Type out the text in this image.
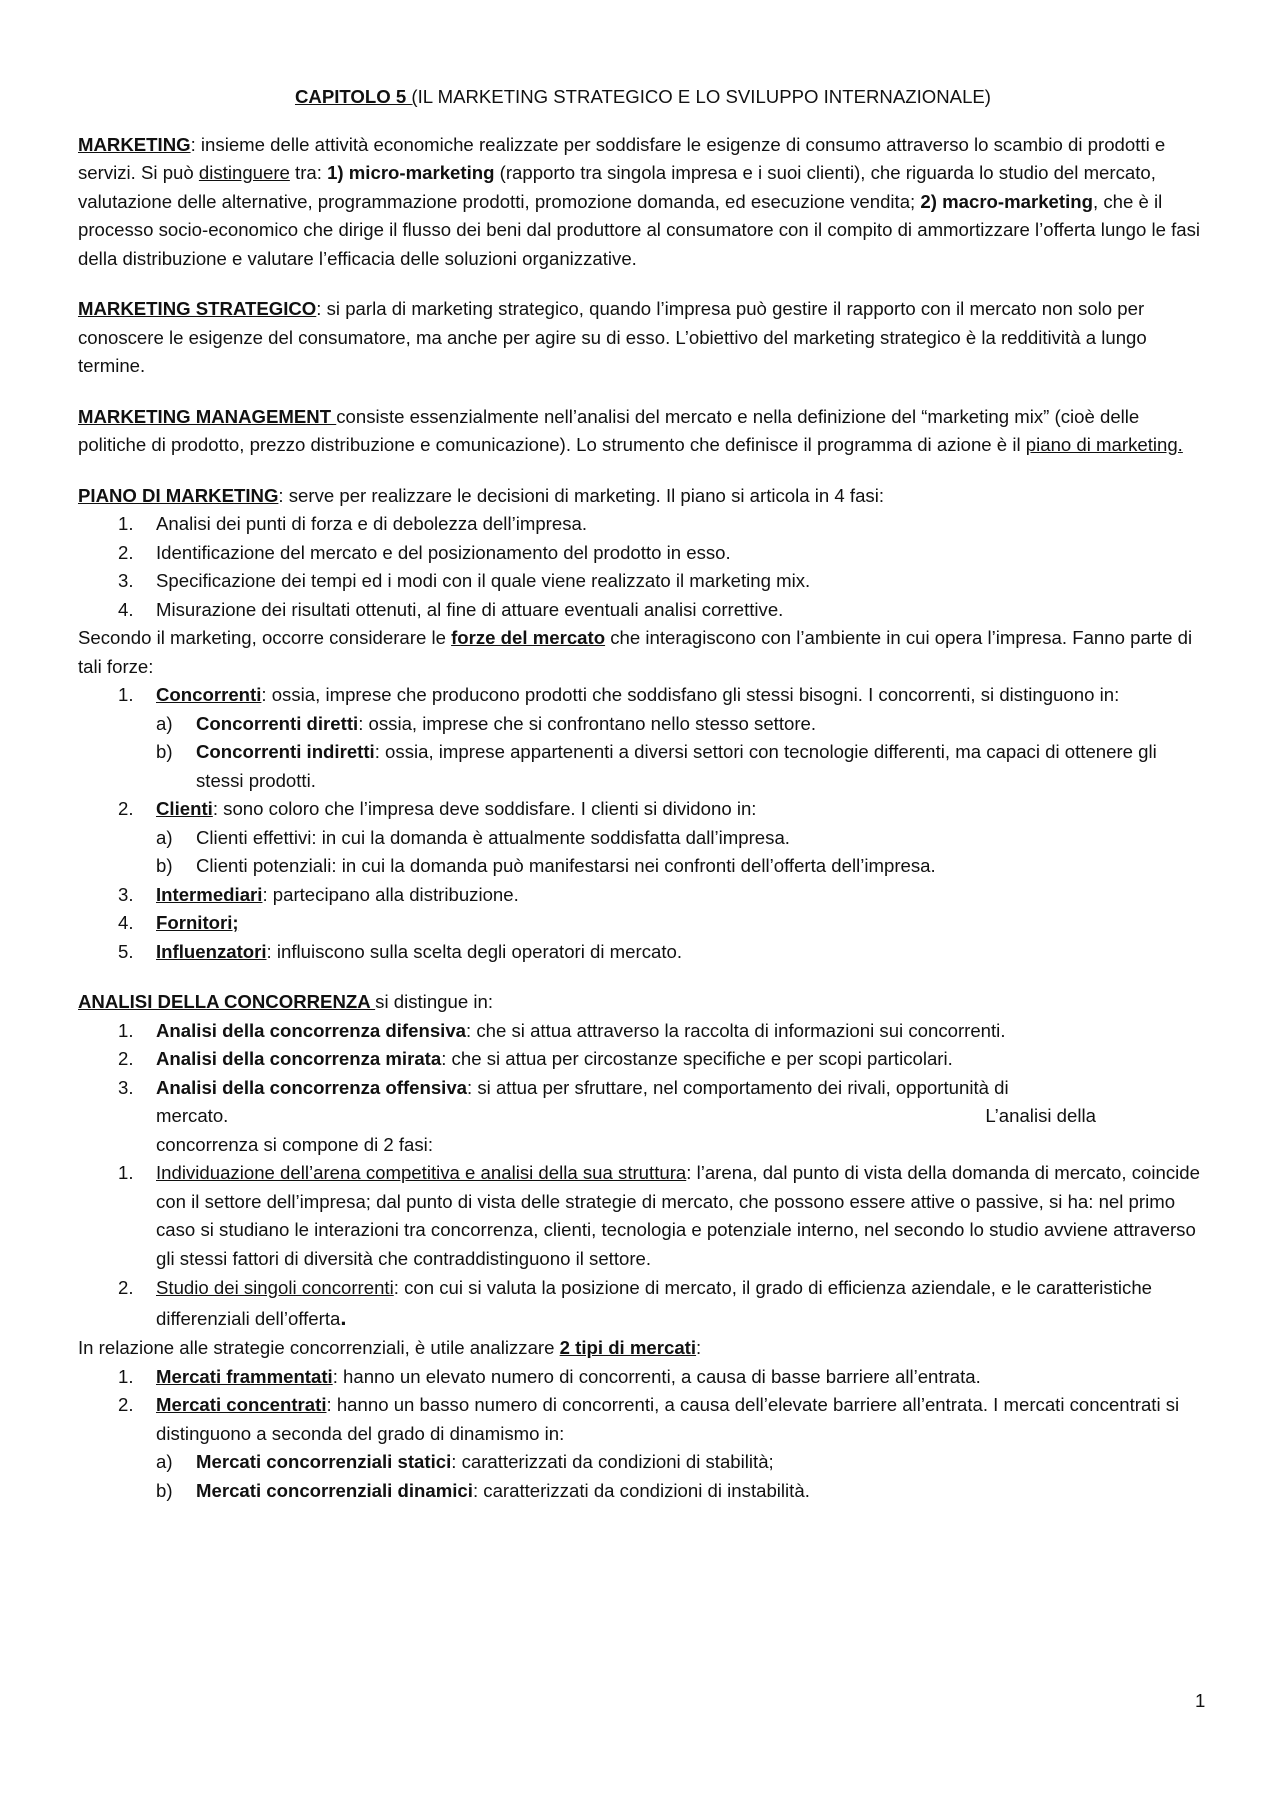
CAPITOLO 5 (IL MARKETING STRATEGICO E LO SVILUPPO INTERNAZIONALE)

MARKETING: insieme delle attività economiche realizzate per soddisfare le esigenze di consumo attraverso lo scambio di prodotti e servizi. Si può distinguere tra: 1) micro-marketing (rapporto tra singola impresa e i suoi clienti), che riguarda lo studio del mercato, valutazione delle alternative, programmazione prodotti, promozione domanda, ed esecuzione vendita; 2) macro-marketing, che è il processo socio-economico che dirige il flusso dei beni dal produttore al consumatore con il compito di ammortizzare l’offerta lungo le fasi della distribuzione e valutare l’efficacia delle soluzioni organizzative.

MARKETING STRATEGICO: si parla di marketing strategico, quando l’impresa può gestire il rapporto con il mercato non solo per conoscere le esigenze del consumatore, ma anche per agire su di esso. L’obiettivo del marketing strategico è la redditività a lungo termine.

MARKETING MANAGEMENT consiste essenzialmente nell’analisi del mercato e nella definizione del “marketing mix” (cioè delle politiche di prodotto, prezzo distribuzione e comunicazione). Lo strumento che definisce il programma di azione è il piano di marketing.

PIANO DI MARKETING: serve per realizzare le decisioni di marketing. Il piano si articola in 4 fasi:

1.	Analisi dei punti di forza e di debolezza dell’impresa.
2.	Identificazione del mercato e del posizionamento del prodotto in esso.
3.	Specificazione dei tempi ed i modi con il quale viene realizzato il marketing mix.
4.	Misurazione dei risultati ottenuti, al fine di attuare eventuali analisi correttive.

Secondo il marketing, occorre considerare le forze del mercato che interagiscono con l’ambiente in cui opera l’impresa. Fanno parte di tali forze:

1.	Concorrenti: ossia, imprese che producono prodotti che soddisfano gli stessi bisogni. I concorrenti, si distinguono in:
a) Concorrenti diretti: ossia, imprese che si confrontano nello stesso settore.
b) Concorrenti indiretti: ossia, imprese appartenenti a diversi settori con tecnologie differenti, ma capaci di ottenere gli stessi prodotti.
2.	Clienti: sono coloro che l’impresa deve soddisfare. I clienti si dividono in:
a) Clienti effettivi: in cui la domanda è attualmente soddisfatta dall’impresa.
b) Clienti potenziali: in cui la domanda può manifestarsi nei confronti dell’offerta dell’impresa.
3.	Intermediari: partecipano alla distribuzione.
4.	Fornitori;
5.	Influenzatori: influiscono sulla scelta degli operatori di mercato.

ANALISI DELLA CONCORRENZA si distingue in:

1.	Analisi della concorrenza difensiva: che si attua attraverso la raccolta di informazioni sui concorrenti.
2.	Analisi della concorrenza mirata: che si attua per circostanze specifiche e per scopi particolari.
3.	Analisi della concorrenza offensiva: si attua per sfruttare, nel comportamento dei rivali, opportunità di
mercato.	L’analisi della
concorrenza si compone di 2 fasi:
1.	Individuazione dell’arena competitiva e analisi della sua struttura: l’arena, dal punto di vista della domanda di mercato, coincide con il settore dell’impresa; dal punto di vista delle strategie di mercato, che possono essere attive o passive, si ha: nel primo caso si studiano le interazioni tra concorrenza, clienti, tecnologia e potenziale interno, nel secondo lo studio avviene attraverso gli stessi fattori di diversità che contraddistinguono il settore.
2.	Studio dei singoli concorrenti: con cui si valuta la posizione di mercato, il grado di efficienza aziendale, e le caratteristiche differenziali dell’offerta.

In relazione alle strategie concorrenziali, è utile analizzare 2 tipi di mercati:

1.	Mercati frammentati: hanno un elevato numero di concorrenti, a causa di basse barriere all’entrata.
2.	Mercati concentrati: hanno un basso numero di concorrenti, a causa dell’elevate barriere all’entrata. I mercati concentrati si distinguono a seconda del grado di dinamismo in:
a) Mercati concorrenziali statici: caratterizzati da condizioni di stabilità;
b) Mercati concorrenziali dinamici: caratterizzati da condizioni di instabilità.
1
